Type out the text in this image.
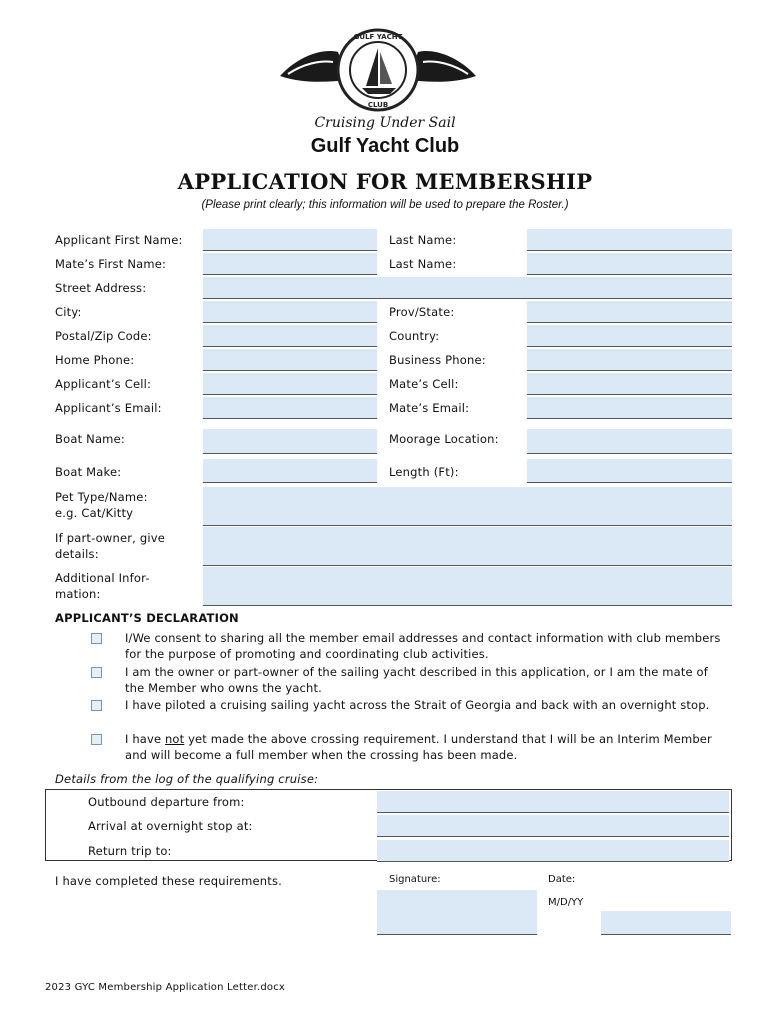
GULF YACHT
CLUB
Cruising Under Sail
Gulf Yacht Club
APPLICATION FOR MEMBERSHIP
(Please print clearly; this information will be used to prepare the Roster.)
Applicant First Name:	Last Name:
Mate’s First Name:	Last Name:
Street Address:
City:	Prov/State:
Postal/Zip Code:	Country:
Home Phone:	Business Phone:
Applicant’s Cell:	Mate’s Cell:
Applicant’s Email:	Mate’s Email:
Boat Name:	Moorage Location:
Boat Make:	Length (Ft):
Pet Type/Name:
e.g. Cat/Kitty
If part-owner, give
details:
Additional Infor-
mation:
APPLICANT’S DECLARATION
I/We consent to sharing all the member email addresses and contact information with club members for the purpose of promoting and coordinating club activities.
I am the owner or part-owner of the sailing yacht described in this application, or I am the mate of the Member who owns the yacht.
I have piloted a cruising sailing yacht across the Strait of Georgia and back with an overnight stop.
I have not yet made the above crossing requirement. I understand that I will be an Interim Member and will become a full member when the crossing has been made.
Details from the log of the qualifying cruise:
Outbound departure from:
Arrival at overnight stop at:
Return trip to:
I have completed these requirements.	Signature:	Date:
M/D/YY
2023 GYC Membership Application Letter.docx
